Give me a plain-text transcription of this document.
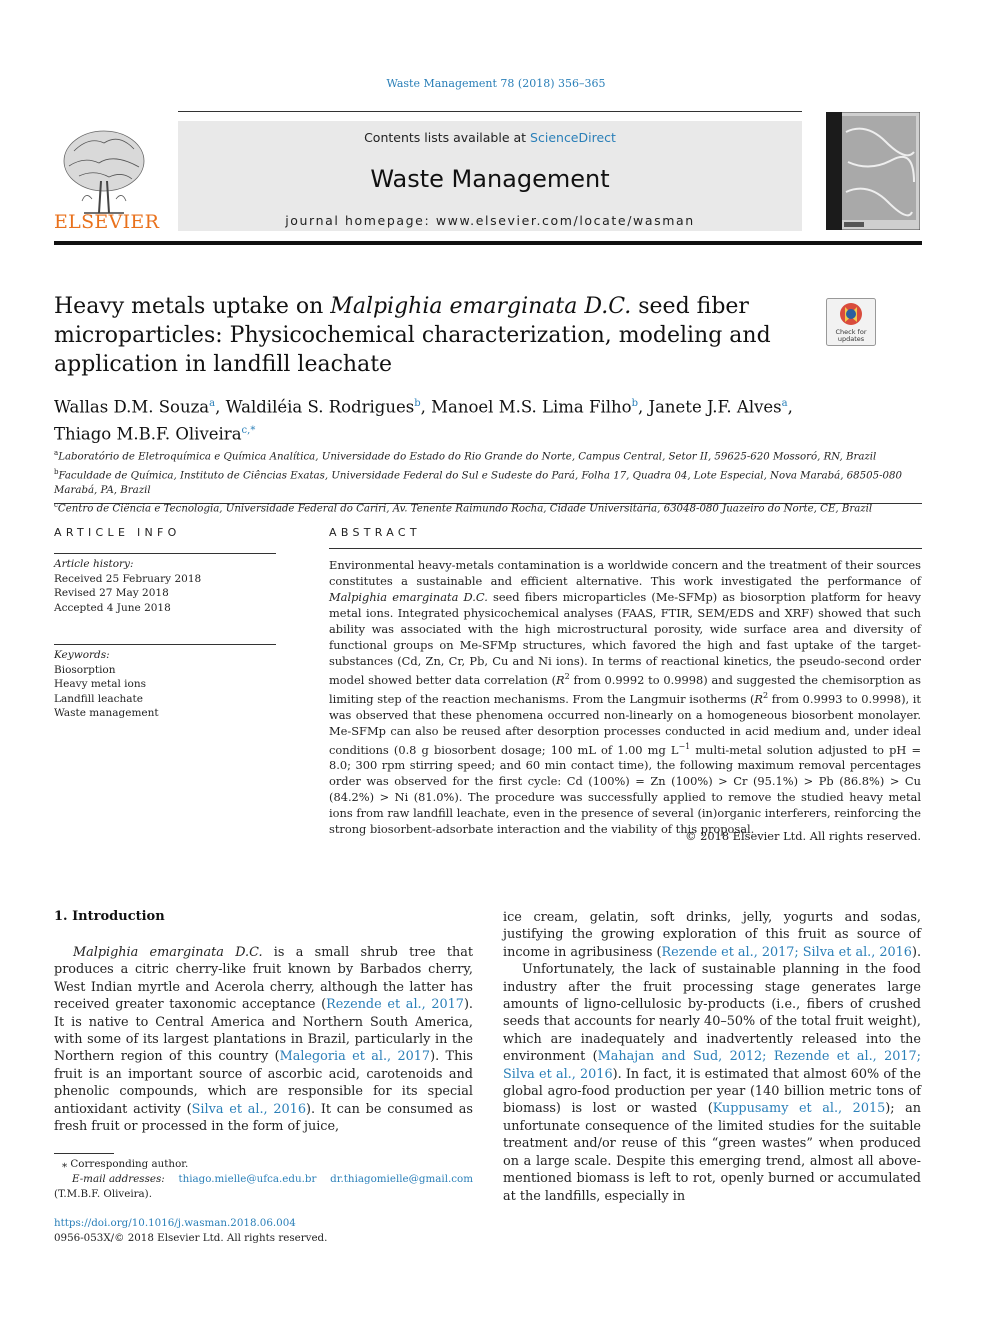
Waste Management 78 (2018) 356–365
ELSEVIER
Contents lists available at ScienceDirect
Waste Management
journal homepage: www.elsevier.com/locate/wasman
Heavy metals uptake on Malpighia emarginata D.C. seed fiber microparticles: Physicochemical characterization, modeling and application in landfill leachate
Check for
updates
Wallas D.M. Souza$^a$, Waldiléia S. Rodrigues$^b$, Manoel M.S. Lima Filho$^b$, Janete J.F. Alves$^a$,
Thiago M.B.F. Oliveira$^{c,*}$
$^a$Laboratório de Eletroquímica e Química Analítica, Universidade do Estado do Rio Grande do Norte, Campus Central, Setor II, 59625-620 Mossoró, RN, Brazil
$^b$Faculdade de Química, Instituto de Ciências Exatas, Universidade Federal do Sul e Sudeste do Pará, Folha 17, Quadra 04, Lote Especial, Nova Marabá, 68505-080 Marabá, PA, Brazil
$^c$Centro de Ciência e Tecnologia, Universidade Federal do Cariri, Av. Tenente Raimundo Rocha, Cidade Universitária, 63048-080 Juazeiro do Norte, CE, Brazil
ARTICLE INFO
Article history:
Received 25 February 2018
Revised 27 May 2018
Accepted 4 June 2018
Keywords:
Biosorption
Heavy metal ions
Landfill leachate
Waste management
ABSTRACT
Environmental heavy-metals contamination is a worldwide concern and the treatment of their sources constitutes a sustainable and efficient alternative. This work investigated the performance of Malpighia emarginata D.C. seed fibers microparticles (Me-SFMp) as biosorption platform for heavy metal ions. Integrated physicochemical analyses (FAAS, FTIR, SEM/EDS and XRF) showed that such ability was associated with the high microstructural porosity, wide surface area and diversity of functional groups on Me-SFMp structures, which favored the high and fast uptake of the target-substances (Cd, Zn, Cr, Pb, Cu and Ni ions). In terms of reactional kinetics, the pseudo-second order model showed better data correlation ($R^2$ from 0.9992 to 0.9998) and suggested the chemisorption as limiting step of the reaction mechanisms. From the Langmuir isotherms ($R^2$ from 0.9993 to 0.9998), it was observed that these phenomena occurred non-linearly on a homogeneous biosorbent monolayer. Me-SFMp can also be reused after desorption processes conducted in acid medium and, under ideal conditions (0.8 g biosorbent dosage; 100 mL of 1.00 mg $L^{-1}$ multi-metal solution adjusted to pH = 8.0; 300 rpm stirring speed; and 60 min contact time), the following maximum removal percentages order was observed for the first cycle: Cd (100%) = Zn (100%) > Cr (95.1%) > Pb (86.8%) > Cu (84.2%) > Ni (81.0%). The procedure was successfully applied to remove the studied heavy metal ions from raw landfill leachate, even in the presence of several (in)organic interferers, reinforcing the strong biosorbent-adsorbate interaction and the viability of this proposal.
© 2018 Elsevier Ltd. All rights reserved.
1. Introduction

Malpighia emarginata D.C. is a small shrub tree that produces a citric cherry-like fruit known by Barbados cherry, West Indian myrtle and Acerola cherry, although the latter has received greater taxonomic acceptance (Rezende et al., 2017). It is native to Central America and Northern South America, with some of its largest plantations in Brazil, particularly in the Northern region of this country (Malegoria et al., 2017). This fruit is an important source of ascorbic acid, carotenoids and phenolic compounds, which are responsible for its special antioxidant activity (Silva et al., 2016). It can be consumed as fresh fruit or processed in the form of juice,

ice cream, gelatin, soft drinks, jelly, yogurts and sodas, justifying the growing exploration of this fruit as source of income in agribusiness (Rezende et al., 2017; Silva et al., 2016).

Unfortunately, the lack of sustainable planning in the food industry after the fruit processing stage generates large amounts of ligno-cellulosic by-products (i.e., fibers of crushed seeds that accounts for nearly 40–50% of the total fruit weight), which are inadequately and inadvertently released into the environment (Mahajan and Sud, 2012; Rezende et al., 2017; Silva et al., 2016). In fact, it is estimated that almost 60% of the global agro-food production per year (140 billion metric tons of biomass) is lost or wasted (Kuppusamy et al., 2015); an unfortunate consequence of the limited studies for the suitable treatment and/or reuse of this “green wastes” when produced on a large scale. Despite this emerging trend, almost all above-mentioned biomass is left to rot, openly burned or accumulated at the landfills, especially in

⁎ Corresponding author.
E-mail addresses: thiago.mielle@ufca.edu.br dr.thiagomielle@gmail.com
(T.M.B.F. Oliveira).
https://doi.org/10.1016/j.wasman.2018.06.004
0956-053X/© 2018 Elsevier Ltd. All rights reserved.
